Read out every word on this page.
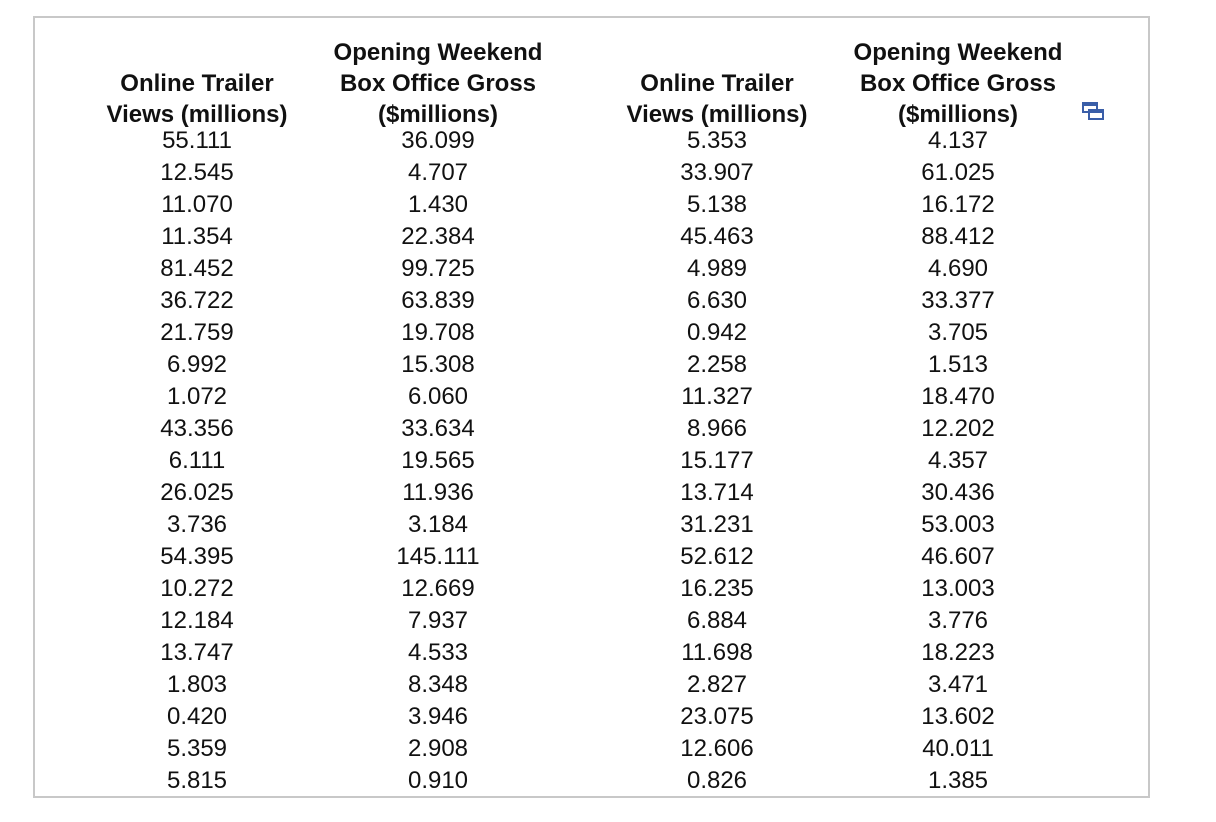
Online Trailer
Views (millions)
55.111
12.545
11.070
11.354
81.452
36.722
21.759
6.992
1.072
43.356
6.111
26.025
3.736
54.395
10.272
12.184
13.747
1.803
0.420
5.359
5.815
Opening Weekend
Box Office Gross
($millions)
36.099
4.707
1.430
22.384
99.725
63.839
19.708
15.308
6.060
33.634
19.565
11.936
3.184
145.111
12.669
7.937
4.533
8.348
3.946
2.908
0.910
Online Trailer
Views (millions)
5.353
33.907
5.138
45.463
4.989
6.630
0.942
2.258
11.327
8.966
15.177
13.714
31.231
52.612
16.235
6.884
11.698
2.827
23.075
12.606
0.826
Opening Weekend
Box Office Gross
($millions)
4.137
61.025
16.172
88.412
4.690
33.377
3.705
1.513
18.470
12.202
4.357
30.436
53.003
46.607
13.003
3.776
18.223
3.471
13.602
40.011
1.385
